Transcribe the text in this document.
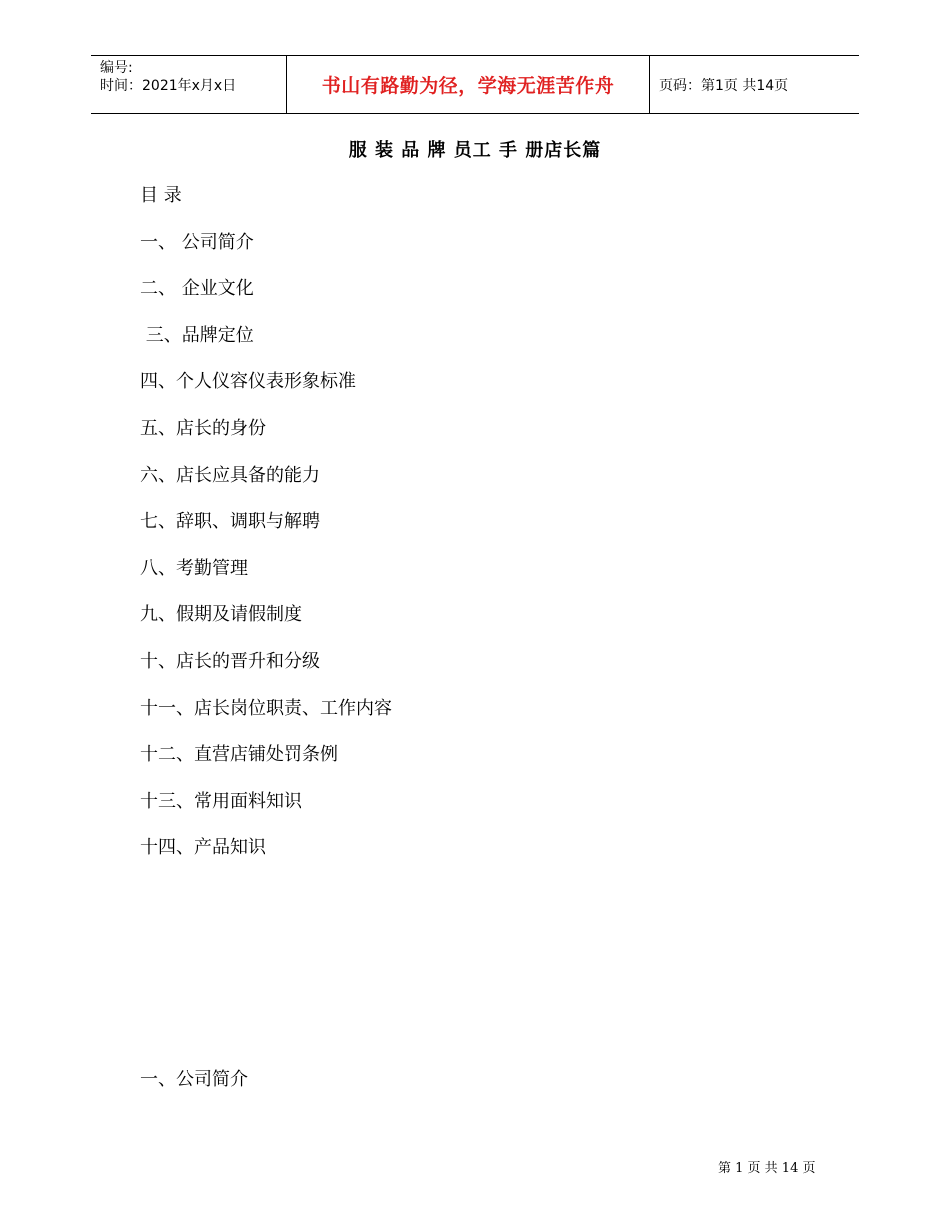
编号:
时间：2021年x月x日	书山有路勤为径，学海无涯苦作舟	页码：第1页 共14页
服 装 品 牌 员工 手 册店长篇
目 录
一、 公司简介
二、 企业文化
三、品牌定位
四、个人仪容仪表形象标准
五、店长的身份
六、店长应具备的能力
七、辞职、调职与解聘
八、考勤管理
九、假期及请假制度
十、店长的晋升和分级
十一、店长岗位职责、工作内容
十二、直营店铺处罚条例
十三、常用面料知识
十四、产品知识
一、公司简介
第 1 页 共 14 页
